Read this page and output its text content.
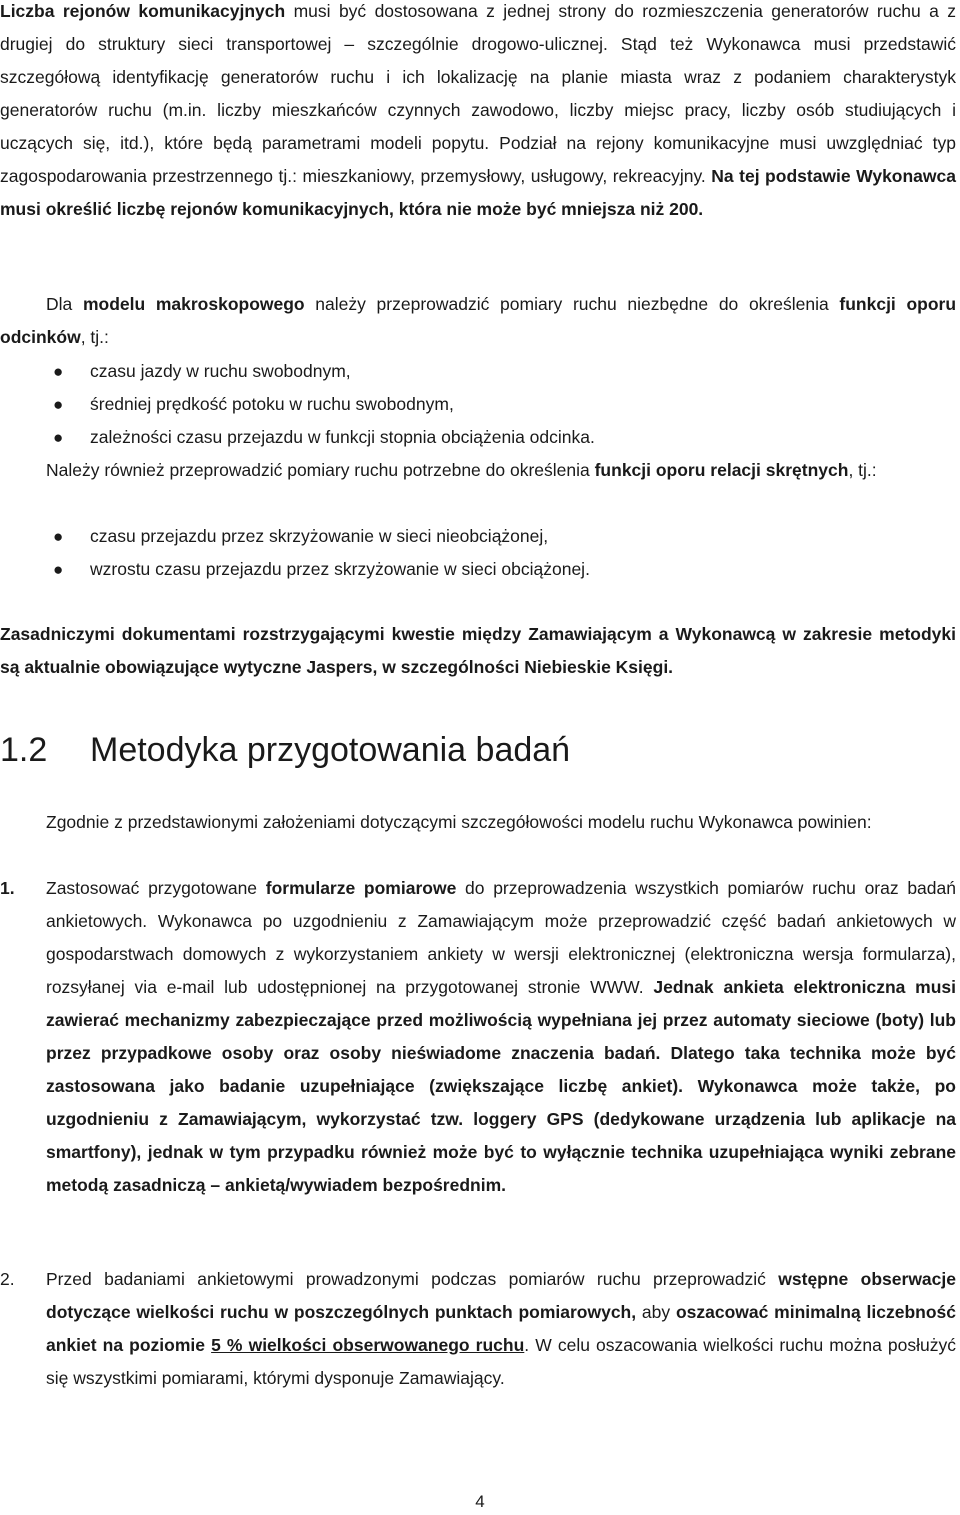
Liczba rejonów komunikacyjnych musi być dostosowana z jednej strony do rozmieszczenia generatorów ruchu a z drugiej do struktury sieci transportowej – szczególnie drogowo-ulicznej. Stąd też Wykonawca musi przedstawić szczegółową identyfikację generatorów ruchu i ich lokalizację na planie miasta wraz z podaniem charakterystyk generatorów ruchu (m.in. liczby mieszkańców czynnych zawodowo, liczby miejsc pracy, liczby osób studiujących i uczących się, itd.), które będą parametrami modeli popytu. Podział na rejony komunikacyjne musi uwzględniać typ zagospodarowania przestrzennego tj.: mieszkaniowy, przemysłowy, usługowy, rekreacyjny. Na tej podstawie Wykonawca musi określić liczbę rejonów komunikacyjnych, która nie może być mniejsza niż 200.
Dla modelu makroskopowego należy przeprowadzić pomiary ruchu niezbędne do określenia funkcji oporu odcinków, tj.:
● czasu jazdy w ruchu swobodnym,
● średniej prędkość potoku w ruchu swobodnym,
● zależności czasu przejazdu w funkcji stopnia obciążenia odcinka.
Należy również przeprowadzić pomiary ruchu potrzebne do określenia funkcji oporu relacji skrętnych, tj.:
● czasu przejazdu przez skrzyżowanie w sieci nieobciążonej,
● wzrostu czasu przejazdu przez skrzyżowanie w sieci obciążonej.
Zasadniczymi dokumentami rozstrzygającymi kwestie między Zamawiającym a Wykonawcą w zakresie metodyki są aktualnie obowiązujące wytyczne Jaspers, w szczególności Niebieskie Księgi.
1.2 Metodyka przygotowania badań
Zgodnie z przedstawionymi założeniami dotyczącymi szczegółowości modelu ruchu Wykonawca powinien:
1. Zastosować przygotowane formularze pomiarowe do przeprowadzenia wszystkich pomiarów ruchu oraz badań ankietowych. Wykonawca po uzgodnieniu z Zamawiającym może przeprowadzić część badań ankietowych w gospodarstwach domowych z wykorzystaniem ankiety w wersji elektronicznej (elektroniczna wersja formularza), rozsyłanej via e-mail lub udostępnionej na przygotowanej stronie WWW. Jednak ankieta elektroniczna musi zawierać mechanizmy zabezpieczające przed możliwością wypełniana jej przez automaty sieciowe (boty) lub przez przypadkowe osoby oraz osoby nieświadome znaczenia badań. Dlatego taka technika może być zastosowana jako badanie uzupełniające (zwiększające liczbę ankiet). Wykonawca może także, po uzgodnieniu z Zamawiającym, wykorzystać tzw. loggery GPS (dedykowane urządzenia lub aplikacje na smartfony), jednak w tym przypadku również może być to wyłącznie technika uzupełniająca wyniki zebrane metodą zasadniczą – ankietą/wywiadem bezpośrednim.
2. Przed badaniami ankietowymi prowadzonymi podczas pomiarów ruchu przeprowadzić wstępne obserwacje dotyczące wielkości ruchu w poszczególnych punktach pomiarowych, aby oszacować minimalną liczebność ankiet na poziomie 5 % wielkości obserwowanego ruchu. W celu oszacowania wielkości ruchu można posłużyć się wszystkimi pomiarami, którymi dysponuje Zamawiający.
4
